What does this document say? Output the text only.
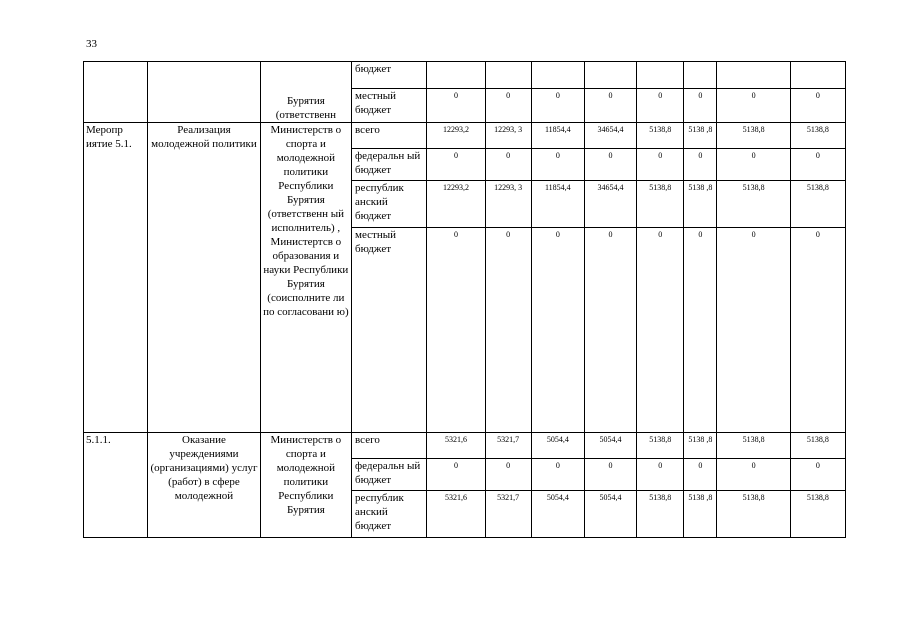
33
		Бурятия (ответственн	бюджет								
			местный бюджет	0	0	0	0	0	0	0	0
Меропр иятие 5.1.	Реализация молодежной политики	Министерств о спорта и молодежной политики Республики Бурятия (ответственн ый исполнитель) , Министертсв о образования и науки Республики Бурятия (соисполните ли по согласовани ю)	всего	12293,2	12293, 3	11854,4	34654,4	5138,8	5138 ,8	5138,8	5138,8
			федеральн ый бюджет	0	0	0	0	0	0	0	0
			республик анский бюджет	12293,2	12293, 3	11854,4	34654,4	5138,8	5138 ,8	5138,8	5138,8
			местный бюджет	0	0	0	0	0	0	0	0
5.1.1.	Оказание учреждениями (организациями) услуг (работ) в сфере молодежной	Министерств о спорта и молодежной политики Республики Бурятия	всего	5321,6	5321,7	5054,4	5054,4	5138,8	5138 ,8	5138,8	5138,8
			федеральн ый бюджет	0	0	0	0	0	0	0	0
			республик анский бюджет	5321,6	5321,7	5054,4	5054,4	5138,8	5138 ,8	5138,8	5138,8
